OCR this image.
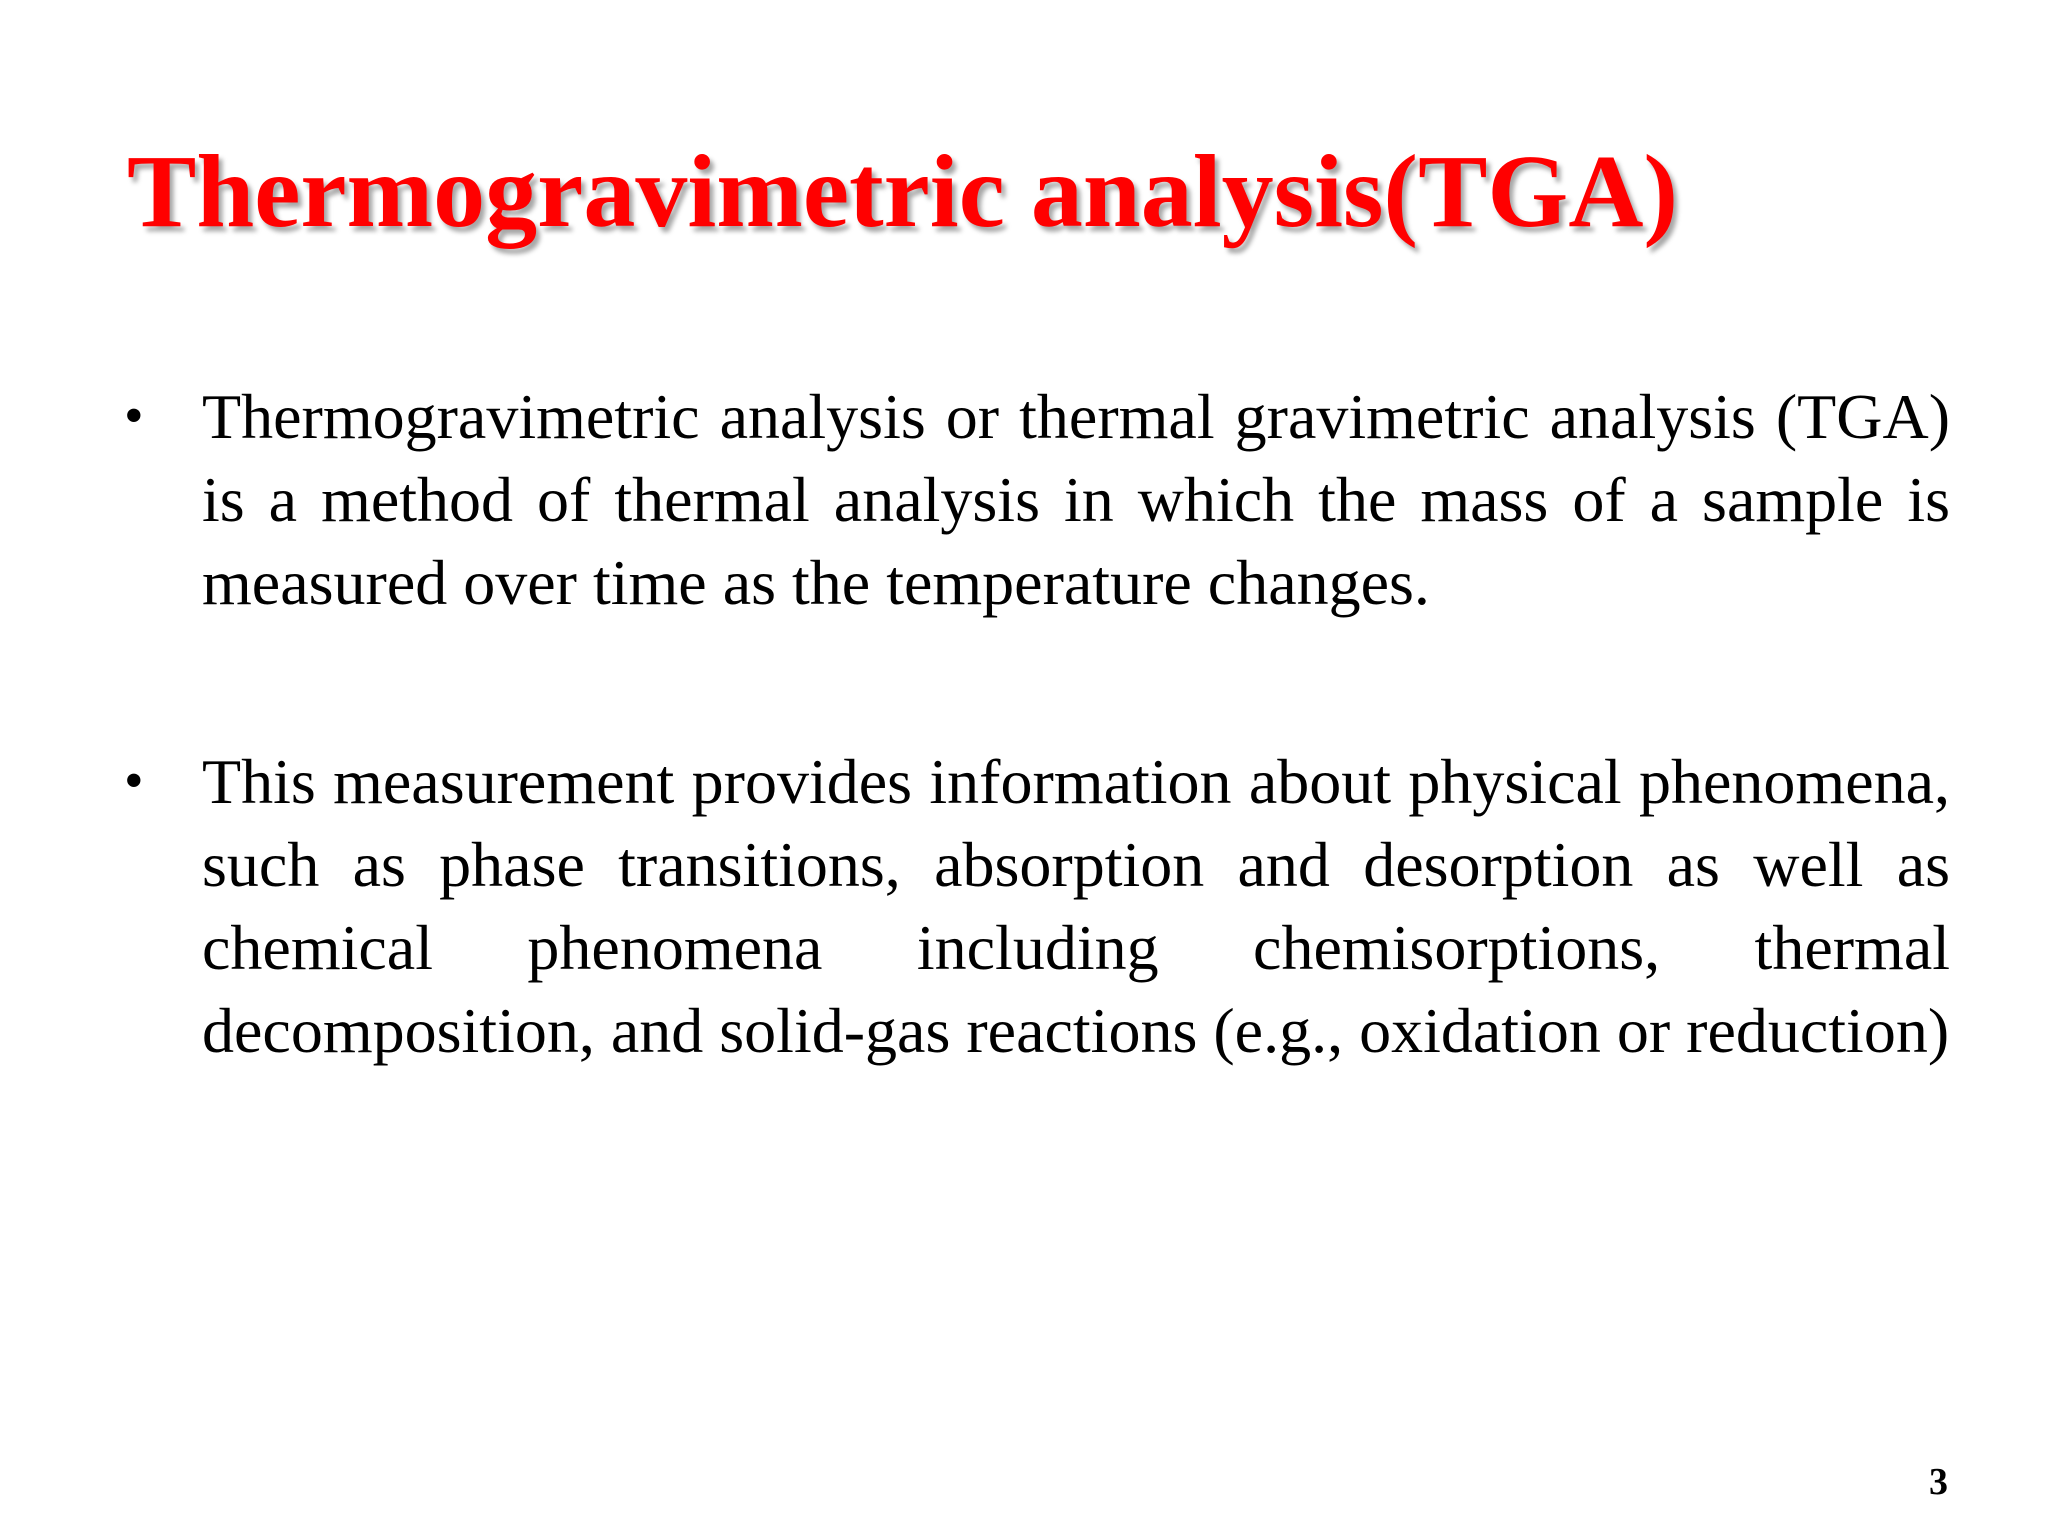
Thermogravimetric analysis(TGA)
• Thermogravimetric analysis or thermal gravimetric analysis (TGA) is a method of thermal analysis in which the mass of a sample is measured over time as the temperature changes.
• This measurement provides information about physical phenomena, such as phase transitions, absorption and desorption as well as chemical phenomena including chemisorptions, thermal decomposition, and solid-gas reactions (e.g., oxidation or reduction)
3
